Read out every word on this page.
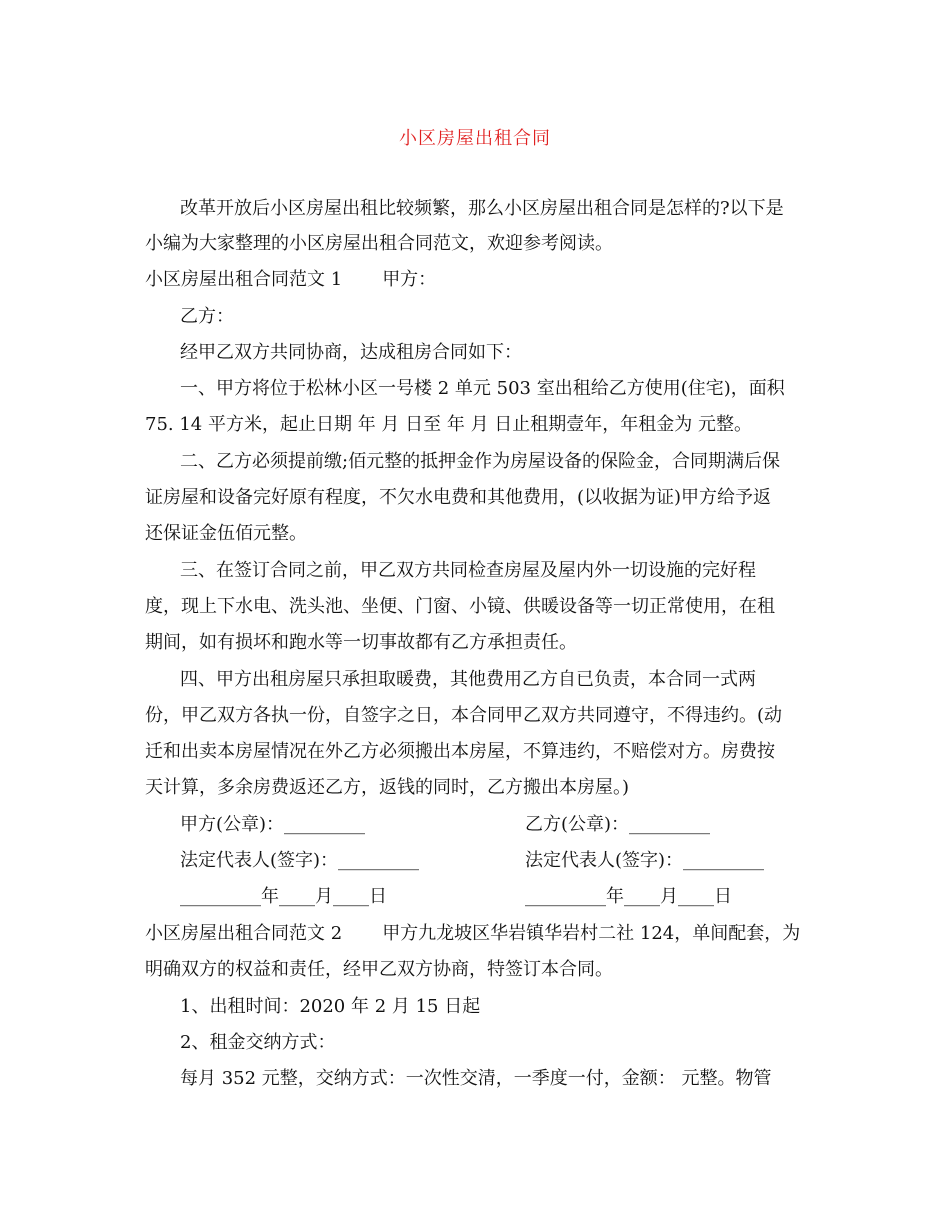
小区房屋出租合同
改革开放后小区房屋出租比较频繁，那么小区房屋出租合同是怎样的?以下是
小编为大家整理的小区房屋出租合同范文，欢迎参考阅读。
小区房屋出租合同范文 1 甲方：
乙方：
经甲乙双方共同协商，达成租房合同如下：
一、甲方将位于松林小区一号楼 2 单元 503 室出租给乙方使用(住宅)，面积
75. 14 平方米，起止日期 年 月 日至 年 月 日止租期壹年，年租金为 元整。
二、乙方必须提前缴;佰元整的抵押金作为房屋设备的保险金，合同期满后保
证房屋和设备完好原有程度，不欠水电费和其他费用，(以收据为证)甲方给予返
还保证金伍佰元整。
三、在签订合同之前，甲乙双方共同检查房屋及屋内外一切设施的完好程
度，现上下水电、洗头池、坐便、门窗、小镜、供暖设备等一切正常使用，在租
期间，如有损坏和跑水等一切事故都有乙方承担责任。
四、甲方出租房屋只承担取暖费，其他费用乙方自已负责，本合同一式两
份，甲乙双方各执一份，自签字之日，本合同甲乙双方共同遵守，不得违约。(动
迁和出卖本房屋情况在外乙方必须搬出本房屋，不算违约，不赔偿对方。房费按
天计算，多余房费返还乙方，返钱的同时，乙方搬出本房屋。)
甲方(公章)：_________	乙方(公章)：_________
法定代表人(签字)：_________	法定代表人(签字)：_________
_________年____月____日	_________年____月____日
小区房屋出租合同范文 2 甲方九龙坡区华岩镇华岩村二社 124，单间配套，为
明确双方的权益和责任，经甲乙双方协商，特签订本合同。
1、出租时间：2020 年 2 月 15 日起
2、租金交纳方式：
每月 352 元整，交纳方式：一次性交清，一季度一付，金额： 元整。物管
